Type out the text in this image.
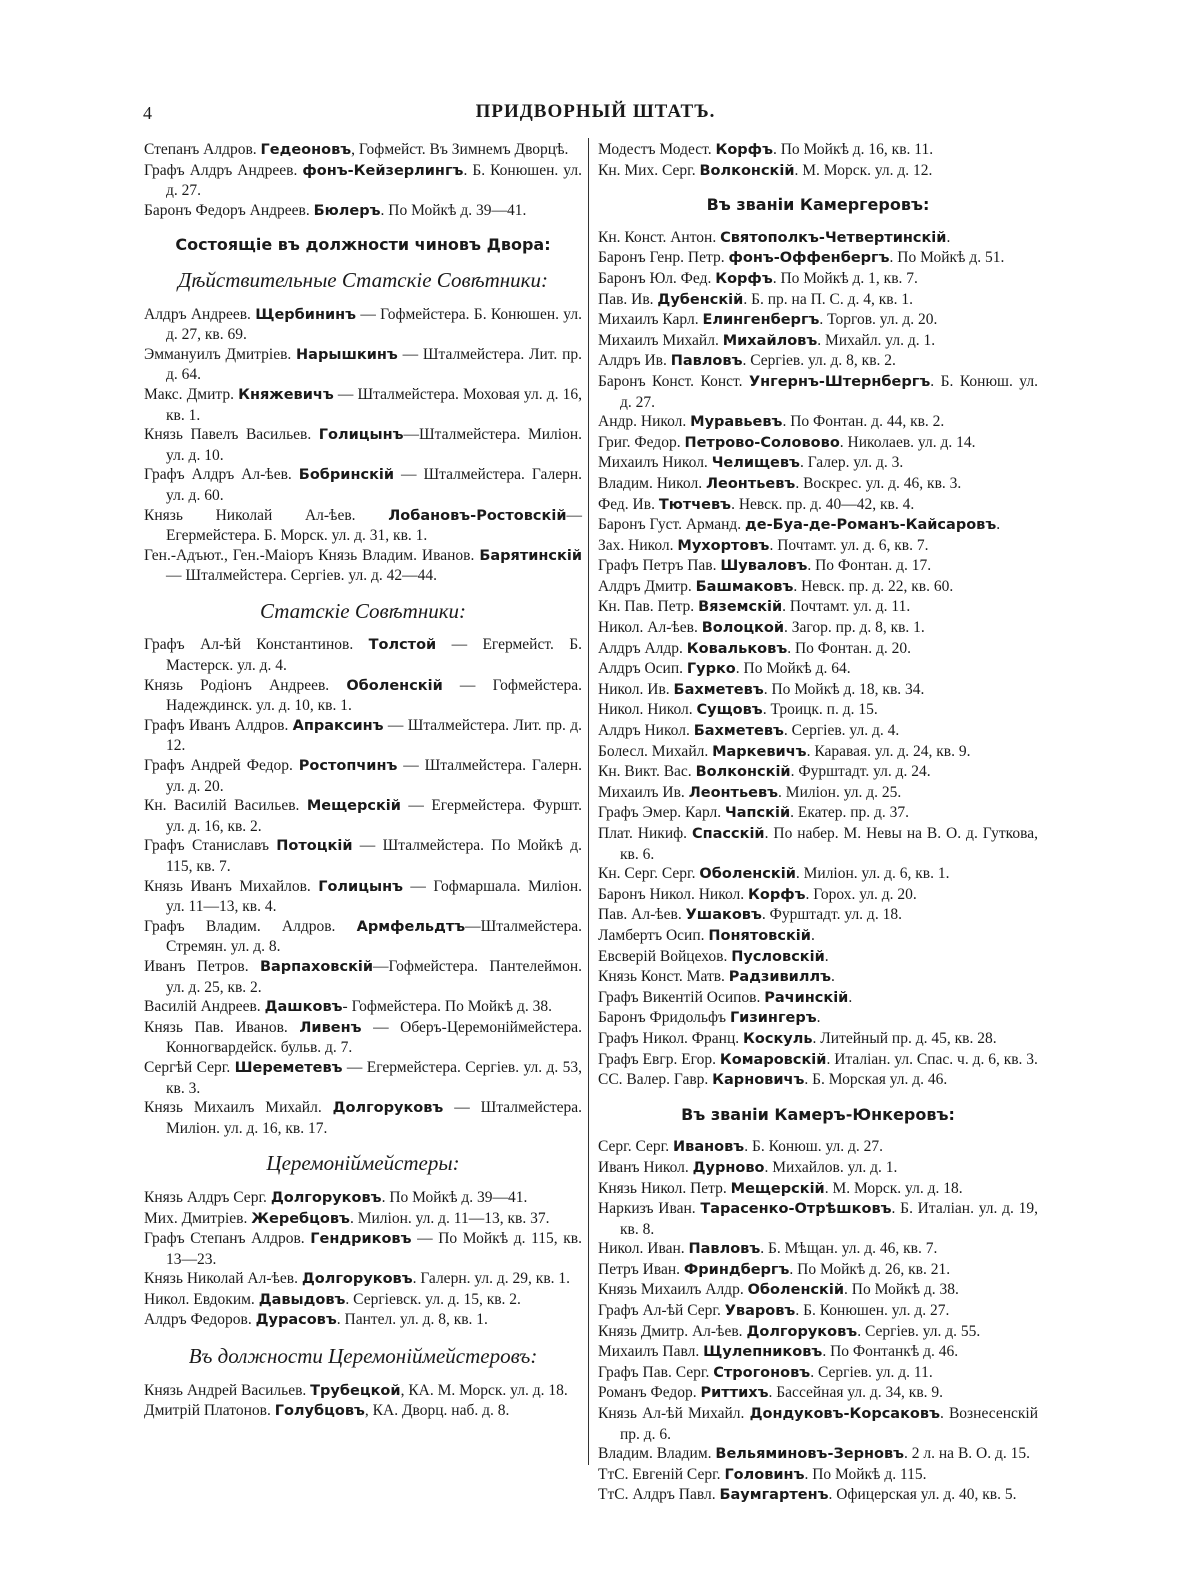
4	ПРИДВОРНЫЙ ШТАТЪ.

Степанъ Алдров. Гедеоновъ, Гофмейст. Въ Зимнемъ Дворцѣ.

Графъ Алдръ Андреев. фонъ-Кейзерлингъ. Б. Конюшен. ул. д. 27.

Баронъ Федоръ Андреев. Бюлеръ. По Мойкѣ д. 39—41.

Состоящіе въ должности чиновъ Двора:
Дѣйствительные Статскіе Совѣтники:

Алдръ Андреев. Щербининъ — Гофмейстера. Б. Конюшен. ул. д. 27, кв. 69.

Эммануилъ Дмитріев. Нарышкинъ — Шталмейстера. Лит. пр. д. 64.

Макс. Дмитр. Княжевичъ — Шталмейстера. Моховая ул. д. 16, кв. 1.

Князь Павелъ Васильев. Голицынъ—Шталмейстера. Миліон. ул. д. 10.

Графъ Алдръ Ал-ѣев. Бобринскій — Шталмейстера. Галерн. ул. д. 60.

Князь Николай Ал-ѣев. Лобановъ-Ростовскій—Егермейстера. Б. Морск. ул. д. 31, кв. 1.

Ген.-Адъют., Ген.-Маіоръ Князь Владим. Иванов. Барятинскій — Шталмейстера. Сергіев. ул. д. 42—44.

Статскіе Совѣтники:

Графъ Ал-ѣй Константинов. Толстой — Егермейст. Б. Мастерск. ул. д. 4.

Князь Родіонъ Андреев. Оболенскій — Гофмейстера. Надеждинск. ул. д. 10, кв. 1.

Графъ Иванъ Алдров. Апраксинъ — Шталмейстера. Лит. пр. д. 12.

Графъ Андрей Федор. Ростопчинъ — Шталмейстера. Галерн. ул. д. 20.

Кн. Василій Васильев. Мещерскій — Егермейстера. Фуршт. ул. д. 16, кв. 2.

Графъ Станиславъ Потоцкій — Шталмейстера. По Мойкѣ д. 115, кв. 7.

Князь Иванъ Михайлов. Голицынъ — Гофмаршала. Миліон. ул. 11—13, кв. 4.

Графъ Владим. Алдров. Армфельдтъ—Шталмейстера. Стремян. ул. д. 8.

Иванъ Петров. Варпаховскій—Гофмейстера. Пантелеймон. ул. д. 25, кв. 2.

Василій Андреев. Дашковъ- Гофмейстера. По Мойкѣ д. 38.

Князь Пав. Иванов. Ливенъ — Оберъ-Церемоніймейстера. Конногвардейск. бульв. д. 7.

Сергѣй Серг. Шереметевъ — Егермейстера. Сергіев. ул. д. 53, кв. 3.

Князь Михаилъ Михайл. Долгоруковъ — Шталмейстера. Миліон. ул. д. 16, кв. 17.

Церемоніймейстеры:

Князь Алдръ Серг. Долгоруковъ. По Мойкѣ д. 39—41.

Мих. Дмитріев. Жеребцовъ. Миліон. ул. д. 11—13, кв. 37.

Графъ Степанъ Алдров. Гендриковъ — По Мойкѣ д. 115, кв. 13—23.

Князь Николай Ал-ѣев. Долгоруковъ. Галерн. ул. д. 29, кв. 1.

Никол. Евдоким. Давыдовъ. Сергіевск. ул. д. 15, кв. 2.

Алдръ Федоров. Дурасовъ. Пантел. ул. д. 8, кв. 1.

Въ должности Церемоніймейстеровъ:

Князь Андрей Васильев. Трубецкой, КА. М. Морск. ул. д. 18.

Дмитрій Платонов. Голубцовъ, КА. Дворц. наб. д. 8.

Модестъ Модест. Корфъ. По Мойкѣ д. 16, кв. 11.

Кн. Мих. Серг. Волконскій. М. Морск. ул. д. 12.

Въ званіи Камергеровъ:

Кн. Конст. Антон. Святополкъ-Четвертинскій.

Баронъ Генр. Петр. фонъ-Оффенбергъ. По Мойкѣ д. 51.

Баронъ Юл. Фед. Корфъ. По Мойкѣ д. 1, кв. 7.

Пав. Ив. Дубенскій. Б. пр. на П. С. д. 4, кв. 1.

Михаилъ Карл. Елингенбергъ. Торгов. ул. д. 20.

Михаилъ Михайл. Михайловъ. Михайл. ул. д. 1.

Алдръ Ив. Павловъ. Сергіев. ул. д. 8, кв. 2.

Баронъ Конст. Конст. Унгернъ-Штернбергъ. Б. Конюш. ул. д. 27.

Андр. Никол. Муравьевъ. По Фонтан. д. 44, кв. 2.

Григ. Федор. Петрово-Соловово. Николаев. ул. д. 14.

Михаилъ Никол. Челищевъ. Галер. ул. д. 3.

Владим. Никол. Леонтьевъ. Воскрес. ул. д. 46, кв. 3.

Фед. Ив. Тютчевъ. Невск. пр. д. 40—42, кв. 4.

Баронъ Густ. Арманд. де-Буа-де-Романъ-Кайсаровъ.

Зах. Никол. Мухортовъ. Почтамт. ул. д. 6, кв. 7.

Графъ Петръ Пав. Шуваловъ. По Фонтан. д. 17.

Алдръ Дмитр. Башмаковъ. Невск. пр. д. 22, кв. 60.

Кн. Пав. Петр. Вяземскій. Почтамт. ул. д. 11.

Никол. Ал-ѣев. Волоцкой. Загор. пр. д. 8, кв. 1.

Алдръ Алдр. Ковальковъ. По Фонтан. д. 20.

Алдръ Осип. Гурко. По Мойкѣ д. 64.

Никол. Ив. Бахметевъ. По Мойкѣ д. 18, кв. 34.

Никол. Никол. Сущовъ. Троицк. п. д. 15.

Алдръ Никол. Бахметевъ. Сергіев. ул. д. 4.

Болесл. Михайл. Маркевичъ. Каравая. ул. д. 24, кв. 9.

Кн. Викт. Вас. Волконскій. Фурштадт. ул. д. 24.

Михаилъ Ив. Леонтьевъ. Миліон. ул. д. 25.

Графъ Эмер. Карл. Чапскій. Екатер. пр. д. 37.

Плат. Никиф. Спасскій. По набер. М. Невы на В. О. д. Гуткова, кв. 6.

Кн. Серг. Серг. Оболенскій. Миліон. ул. д. 6, кв. 1.

Баронъ Никол. Никол. Корфъ. Горох. ул. д. 20.

Пав. Ал-ѣев. Ушаковъ. Фурштадт. ул. д. 18.

Ламбертъ Осип. Понятовскій.

Евсверій Войцехов. Пусловскій.

Князь Конст. Матв. Радзивиллъ.

Графъ Викентій Осипов. Рачинскій.

Баронъ Фридольфъ Гизингеръ.

Графъ Никол. Франц. Коскуль. Литейный пр. д. 45, кв. 28.

Графъ Евгр. Егор. Комаровскій. Италіан. ул. Спас. ч. д. 6, кв. 3.

СС. Валер. Гавр. Карновичъ. Б. Морская ул. д. 46.

Въ званіи Камеръ-Юнкеровъ:

Серг. Серг. Ивановъ. Б. Конюш. ул. д. 27.

Иванъ Никол. Дурново. Михайлов. ул. д. 1.

Князь Никол. Петр. Мещерскій. М. Морск. ул. д. 18.

Наркизъ Иван. Тарасенко-Отрѣшковъ. Б. Италіан. ул. д. 19, кв. 8.

Никол. Иван. Павловъ. Б. Мѣщан. ул. д. 46, кв. 7.

Петръ Иван. Фриндбергъ. По Мойкѣ д. 26, кв. 21.

Князь Михаилъ Алдр. Оболенскій. По Мойкѣ д. 38.

Графъ Ал-ѣй Серг. Уваровъ. Б. Конюшен. ул. д. 27.

Князь Дмитр. Ал-ѣев. Долгоруковъ. Сергіев. ул. д. 55.

Михаилъ Павл. Щулепниковъ. По Фонтанкѣ д. 46.

Графъ Пав. Серг. Строгоновъ. Сергіев. ул. д. 11.

Романъ Федор. Риттихъ. Бассейная ул. д. 34, кв. 9.

Князь Ал-ѣй Михайл. Дондуковъ-Корсаковъ. Вознесенскій пр. д. 6.

Владим. Владим. Вельяминовъ-Зерновъ. 2 л. на В. О. д. 15.

ТтС. Евгеній Серг. Головинъ. По Мойкѣ д. 115.

ТтС. Алдръ Павл. Баумгартенъ. Офицерская ул. д. 40, кв. 5.
